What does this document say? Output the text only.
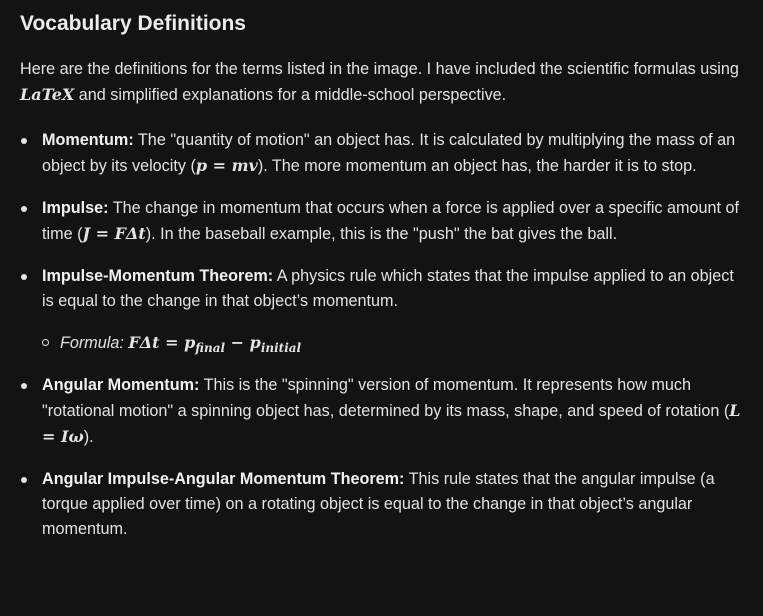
Vocabulary Definitions

Here are the definitions for the terms listed in the image. I have included the scientific formulas using LaTeX and simplified explanations for a middle-school perspective.

Momentum: The "quantity of motion" an object has. It is calculated by multiplying the mass of an object by its velocity (p = mv). The more momentum an object has, the harder it is to stop.
Impulse: The change in momentum that occurs when a force is applied over a specific amount of time (J = FΔt). In the baseball example, this is the "push" the bat gives the ball.
Impulse-Momentum Theorem: A physics rule which states that the impulse applied to an object is equal to the change in that object’s momentum.
Formula: $F\Delta t = p_{final} - p_{initial}$
Angular Momentum: This is the "spinning" version of momentum. It represents how much "rotational motion" a spinning object has, determined by its mass, shape, and speed of rotation (L = Iω).
Angular Impulse-Angular Momentum Theorem: This rule states that the angular impulse (a torque applied over time) on a rotating object is equal to the change in that object’s angular momentum.
